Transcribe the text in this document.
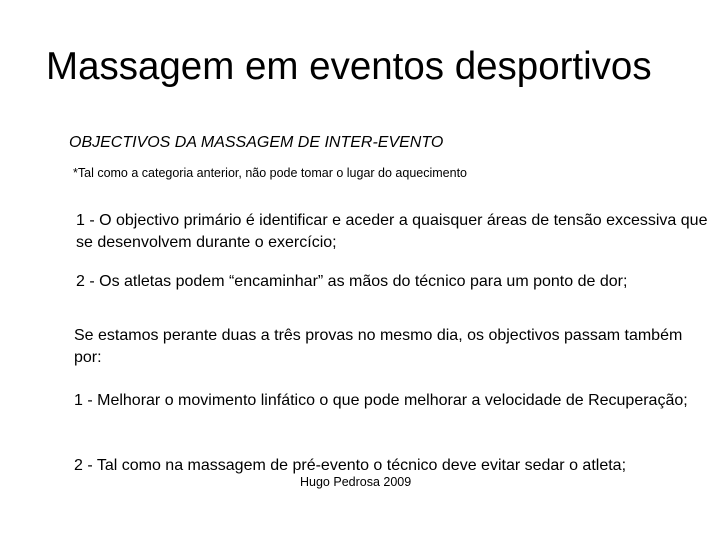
Massagem em eventos desportivos
OBJECTIVOS DA MASSAGEM DE INTER-EVENTO
*Tal como a categoria anterior, não pode tomar o lugar do aquecimento
1 - O objectivo primário é identificar e aceder a quaisquer áreas de tensão excessiva que se desenvolvem durante o exercício;
2 - Os atletas podem “encaminhar” as mãos do técnico para um ponto de dor;
Se estamos perante duas a três provas no mesmo dia, os objectivos passam também por:
1 - Melhorar o movimento linfático o que pode melhorar a velocidade de Recuperação;
2 - Tal como na massagem de pré-evento o técnico deve evitar sedar o atleta;
Hugo Pedrosa 2009
